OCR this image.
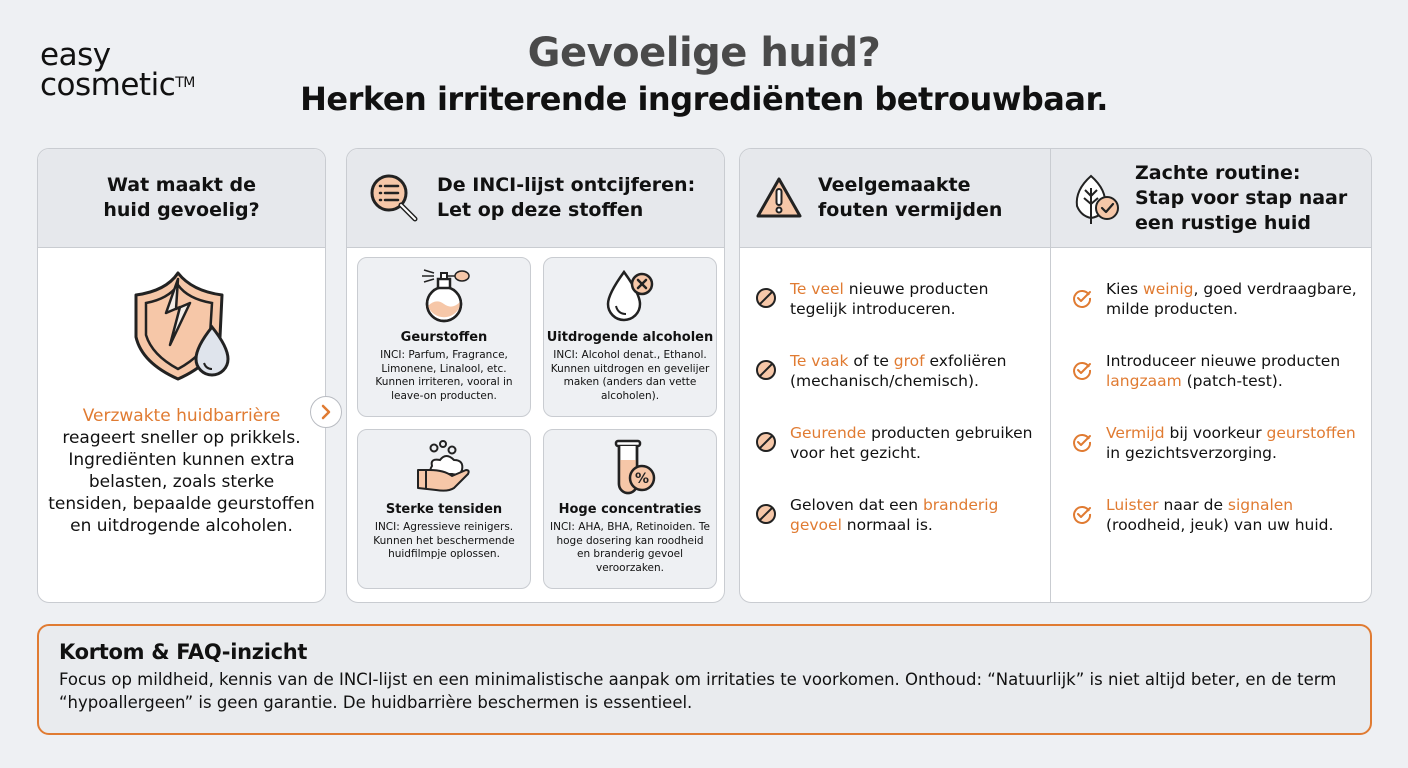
easy
cosmetic™
Gevoelige huid?
Herken irriterende ingrediënten betrouwbaar.
Wat maakt de huid gevoelig?
Verzwakte huidbarrière
reageert sneller op prikkels. Ingrediënten kunnen extra belasten, zoals sterke tensiden, bepaalde geurstoffen en uitdrogende alcoholen.
De INCI-lijst ontcijferen:
Let op deze stoffen
Geurstoffen

INCI: Parfum, Fragrance, Limonene, Linalool, etc. Kunnen irriteren, vooral in leave-on producten.

Uitdrogende alcoholen

INCI: Alcohol denat., Ethanol. Kunnen uitdrogen en gevelijer maken (anders dan vette alcoholen).

Sterke tensiden

INCI: Agressieve reinigers. Kunnen het beschermende huidfilmpje oplossen.

%
Hoge concentraties

INCI: AHA, BHA, Retinoiden. Te hoge dosering kan roodheid en branderig gevoel veroorzaken.

Veelgemaakte
fouten vermijden
Zachte routine:
Stap voor stap naar
een rustige huid
Te veel nieuwe producten tegelijk introduceren.
Te vaak of te grof exfoliëren (mechanisch/chemisch).
Geurende producten gebruiken voor het gezicht.
Geloven dat een branderig gevoel normaal is.
Kies weinig, goed verdraagbare, milde producten.
Introduceer nieuwe producten langzaam (patch-test).
Vermijd bij voorkeur geurstoffen in gezichtsverzorging.
Luister naar de signalen (roodheid, jeuk) van uw huid.
Kortom & FAQ-inzicht

Focus op mildheid, kennis van de INCI-lijst en een minimalistische aanpak om irritaties te voorkomen. Onthoud: “Natuurlijk” is niet altijd beter, en de term “hypoallergeen” is geen garantie. De huidbarrière beschermen is essentieel.
